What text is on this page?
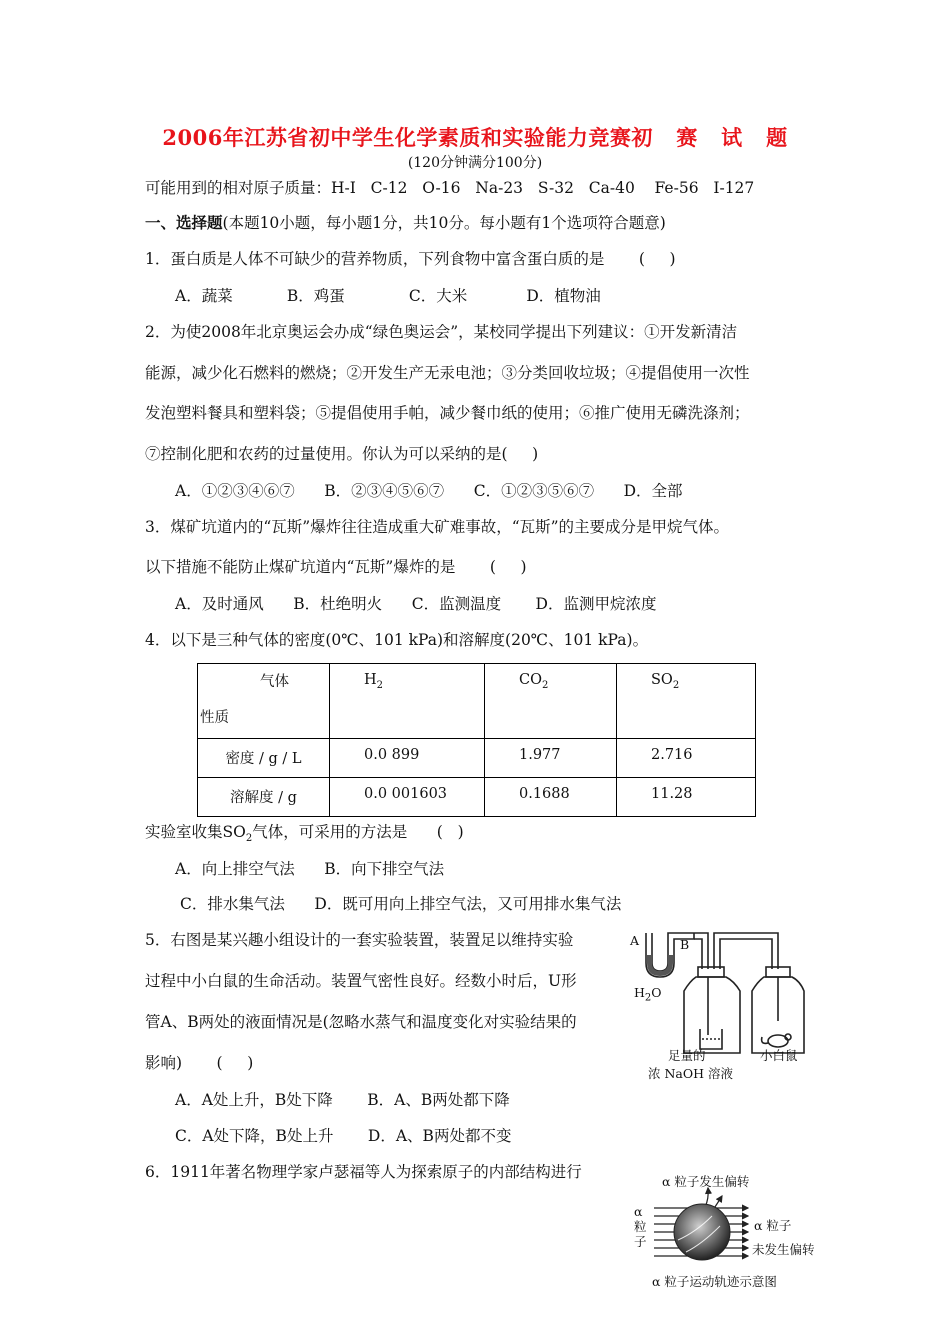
2006年江苏省初中学生化学素质和实验能力竞赛初   赛   试   题
(120分钟满分100分)
可能用到的相对原子质量：H-I   C-12   O-16   Na-23   S-32   Ca-40    Fe-56   I-127
一、选择题(本题10小题，每小题1分，共10分。每小题有1个选项符合题意)
1．蛋白质是人体不可缺少的营养物质，下列食物中富含蛋白质的是       (     )
A．蔬菜           B．鸡蛋             C．大米            D．植物油
2．为使2008年北京奥运会办成“绿色奥运会”，某校同学提出下列建议：①开发新清洁
能源，减少化石燃料的燃烧；②开发生产无汞电池；③分类回收垃圾；④提倡使用一次性
发泡塑料餐具和塑料袋；⑤提倡使用手帕，减少餐巾纸的使用；⑥推广使用无磷洗涤剂；
⑦控制化肥和农药的过量使用。你认为可以采纳的是(     )
A．①②③④⑥⑦      B．②③④⑤⑥⑦      C．①②③⑤⑥⑦      D．全部
3．煤矿坑道内的“瓦斯”爆炸往往造成重大矿难事故，“瓦斯”的主要成分是甲烷气体。
以下措施不能防止煤矿坑道内“瓦斯”爆炸的是       (     )
A．及时通风      B．杜绝明火      C．监测温度       D．监测甲烷浓度
4．以下是三种气体的密度(0℃、101 kPa)和溶解度(20℃、101 kPa)。
气体
性质	$H_2$	$CO_2$	$SO_2$

密度 / g / L	0.0 899	1.977	2.716

溶解度 / g	0.0 001603	0.1688	11.28
实验室收集$SO_2$气体，可采用的方法是      (   )
A．向上排空气法      B．向下排空气法
C．排水集气法      D．既可用向上排空气法，又可用排水集气法
5．右图是某兴趣小组设计的一套实验装置，装置足以维持实验
过程中小白鼠的生命活动。装置气密性良好。经数小时后，U形
管A、B两处的液面情况是(忽略水蒸气和温度变化对实验结果的
影响)       (     )
A．A处上升，B处下降       B．A、B两处都下降
C．A处下降，B处上升       D．A、B两处都不变
A	B
$H_2O$
足量的
浓 NaOH 溶液
小白鼠
6．1911年著名物理学家卢瑟福等人为探索原子的内部结构进行
α 粒子发生偏转
α
粒
子
α 粒子
未发生偏转
α 粒子运动轨迹示意图
